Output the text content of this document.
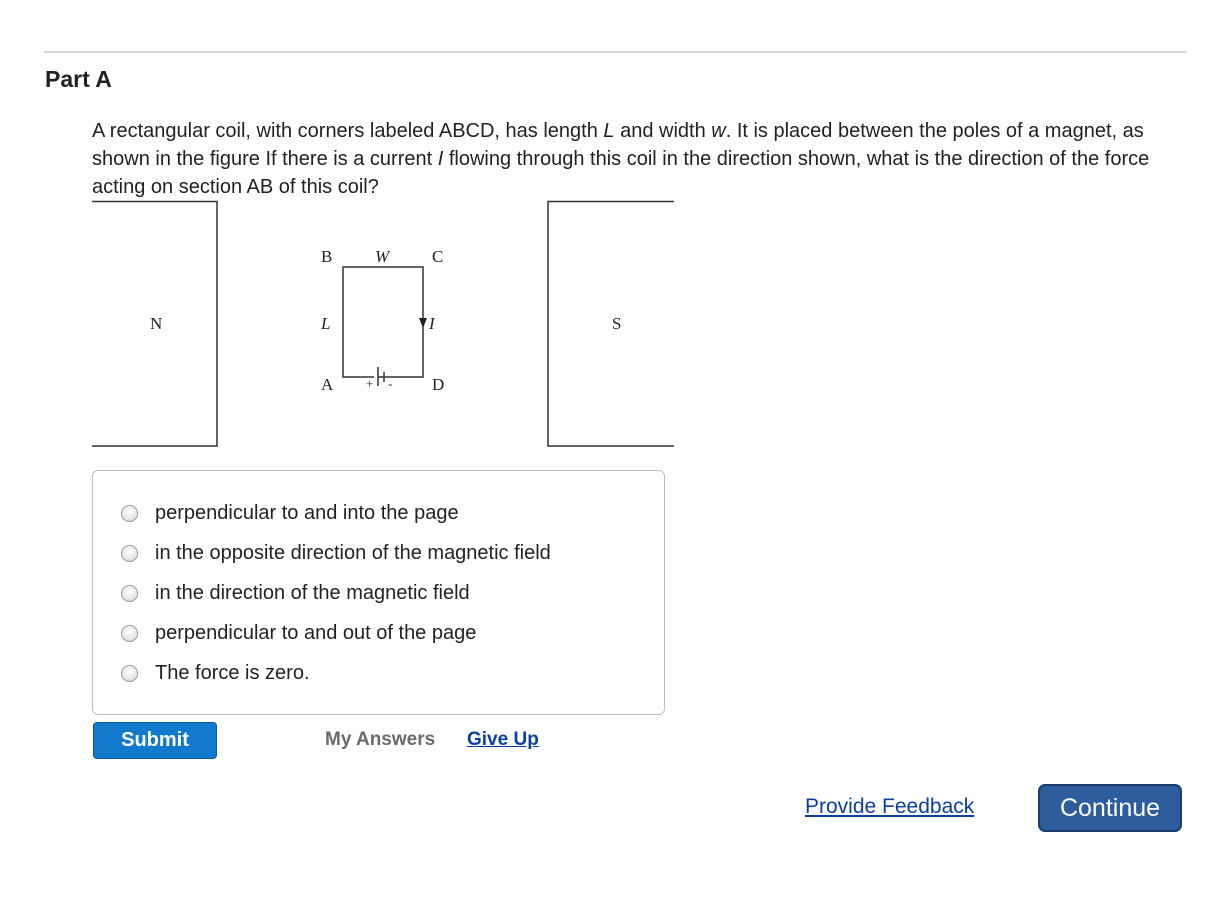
Part A
A rectangular coil, with corners labeled ABCD, has length L and width w. It is placed between the poles of a magnet, as shown in the figure If there is a current I flowing through this coil in the direction shown, what is the direction of the force acting on section AB of this coil?
N	S
B	W	C
L	I
A	D
+ -
perpendicular to and into the page
in the opposite direction of the magnetic field
in the direction of the magnetic field
perpendicular to and out of the page
The force is zero.
Submit	My Answers Give Up
Provide Feedback	Continue
